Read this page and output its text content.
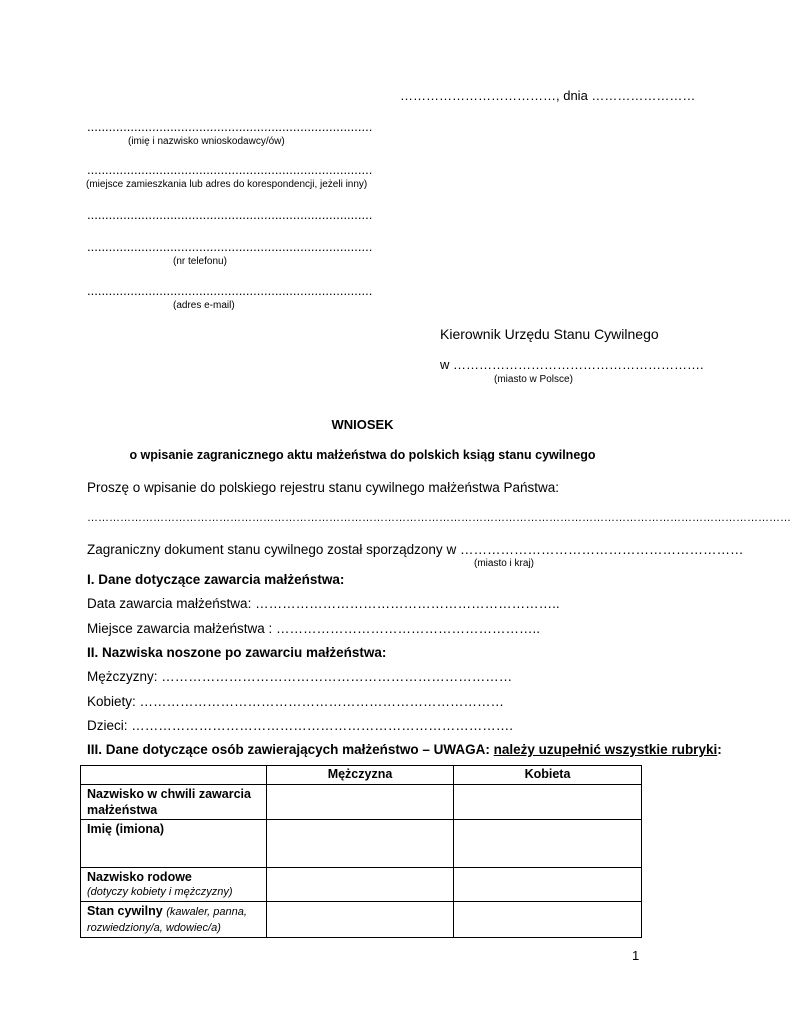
………………………………, dnia ……………………
...............................................................................
(imię i nazwisko wnioskodawcy/ów)
...............................................................................
(miejsce zamieszkania lub adres do korespondencji, jeżeli inny)
...............................................................................
...............................................................................
(nr telefonu)
...............................................................................
(adres e-mail)
Kierownik Urzędu Stanu Cywilnego
w ………………………………………………….
(miasto w Polsce)
WNIOSEK
o wpisanie zagranicznego aktu małżeństwa do polskich ksiąg stanu cywilnego
Proszę o wpisanie do polskiego rejestru stanu cywilnego małżeństwa Państwa:
…………………………………………………………………………………………………………………………………………………………………………
Zagraniczny dokument stanu cywilnego został sporządzony w ………………………………………………………
(miasto i kraj)
I. Dane dotyczące zawarcia małżeństwa:
Data zawarcia małżeństwa: …………………………………………………………..
Miejsce zawarcia małżeństwa : …………………………………………………..
II. Nazwiska noszone po zawarciu małżeństwa:
Mężczyzny: ……………………………………………………………………
Kobiety: ………………………………………………………………………
Dzieci: ………………………………………………………………………….
III. Dane dotyczące osób zawierających małżeństwo – UWAGA: należy uzupełnić wszystkie rubryki:
	Mężczyzna	Kobieta
Nazwisko w chwili zawarcia małżeństwa		
Imię (imiona)		
Nazwisko rodowe
(dotyczy kobiety i mężczyzny)		

Stan cywilny (kawaler, panna, rozwiedziony/a, wdowiec/a)		
1
